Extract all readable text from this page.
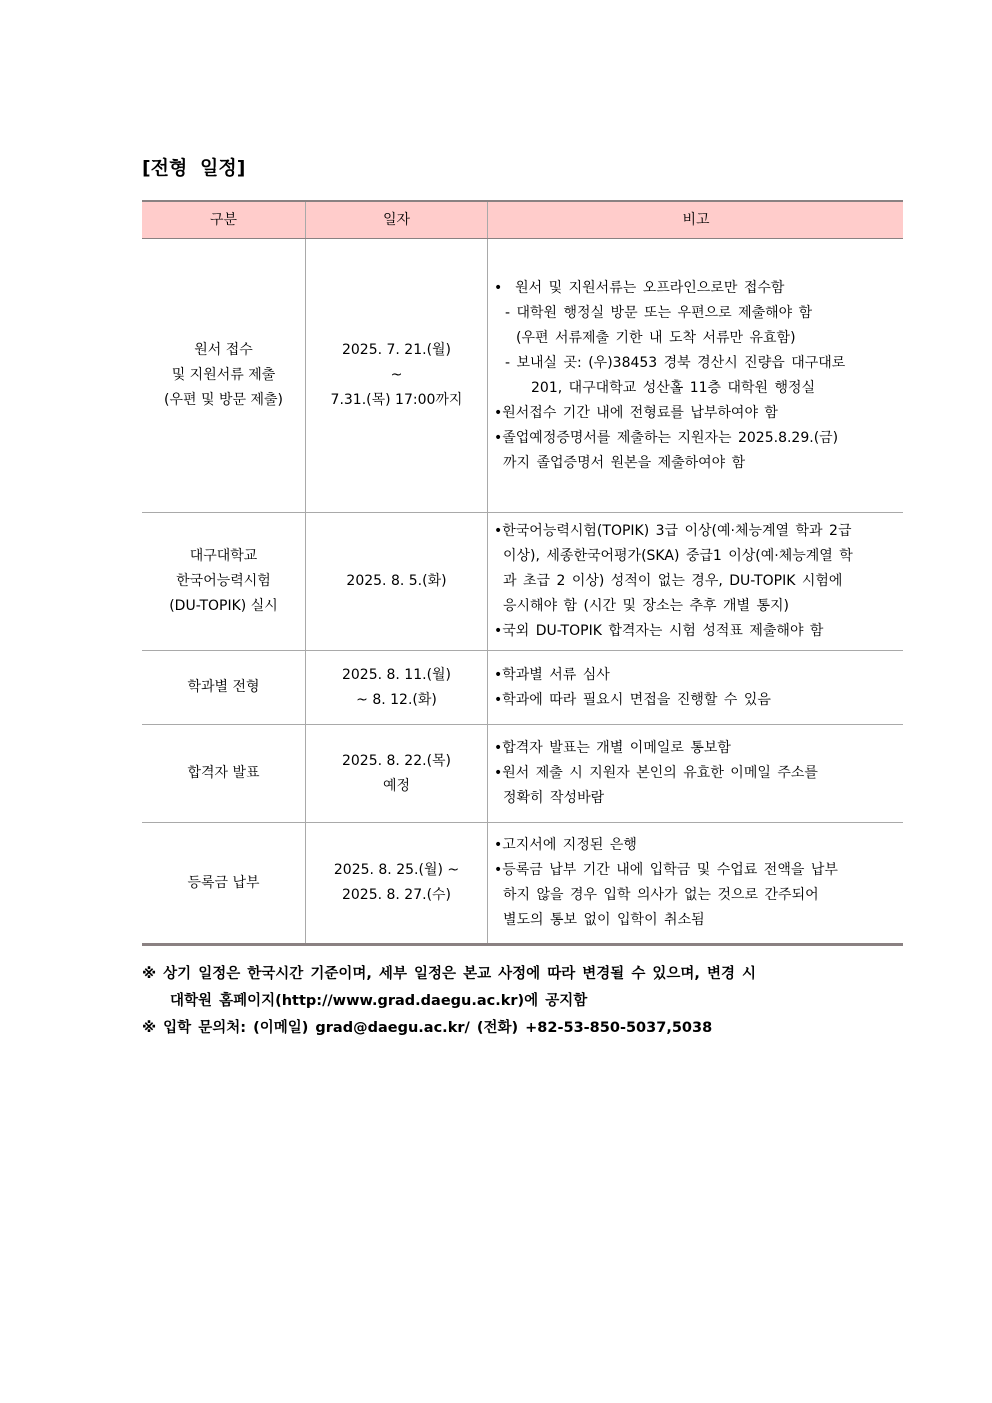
[전형 일정]
구분	일자	비고
원서 접수
및 지원서류 제출
(우편 및 방문 제출)
2025. 7. 21.(월)
~
7.31.(목) 17:00까지
•  원서 및 지원서류는 오프라인으로만 접수함
- 대학원 행정실 방문 또는 우편으로 제출해야 함
(우편 서류제출 기한 내 도착 서류만 유효함)
- 보내실 곳: (우)38453 경북 경산시 진량읍 대구대로
201, 대구대학교 성산홀 11층 대학원 행정실
•원서접수 기간 내에 전형료를 납부하여야 함
•졸업예정증명서를 제출하는 지원자는 2025.8.29.(금)
까지 졸업증명서 원본을 제출하여야 함
대구대학교
한국어능력시험
(DU-TOPIK) 실시
2025. 8. 5.(화)
•한국어능력시험(TOPIK) 3급 이상(예·체능계열 학과 2급
이상), 세종한국어평가(SKA) 중급1 이상(예·체능계열 학
과 초급 2 이상) 성적이 없는 경우, DU-TOPIK 시험에
응시해야 함 (시간 및 장소는 추후 개별 통지)
•국외 DU-TOPIK 합격자는 시험 성적표 제출해야 함
학과별 전형
2025. 8. 11.(월)
~ 8. 12.(화)
•학과별 서류 심사
•학과에 따라 필요시 면접을 진행할 수 있음
합격자 발표
2025. 8. 22.(목)
예정
•합격자 발표는 개별 이메일로 통보함
•원서 제출 시 지원자 본인의 유효한 이메일 주소를
정확히 작성바람
등록금 납부
2025. 8. 25.(월) ~
2025. 8. 27.(수)
•고지서에 지정된 은행
•등록금 납부 기간 내에 입학금 및 수업료 전액을 납부
하지 않을 경우 입학 의사가 없는 것으로 간주되어
별도의 통보 없이 입학이 취소됨
※ 상기 일정은 한국시간 기준이며, 세부 일정은 본교 사정에 따라 변경될 수 있으며, 변경 시
대학원 홈페이지(http://www.grad.daegu.ac.kr)에 공지함
※ 입학 문의처: (이메일) grad@daegu.ac.kr/ (전화) +82-53-850-5037,5038
